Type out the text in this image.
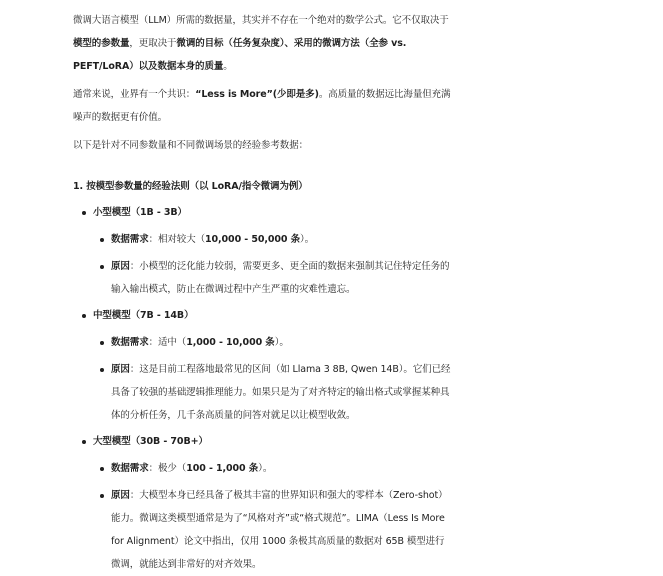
微调大语言模型（LLM）所需的数据量，其实并不存在一个绝对的数学公式。它不仅取决于模型的参数量，更取决于微调的目标（任务复杂度）、采用的微调方法（全参 vs. PEFT/LoRA）以及数据本身的质量。

通常来说，业界有一个共识：“Less is More”(少即是多)。高质量的数据远比海量但充满噪声的数据更有价值。

以下是针对不同参数量和不同微调场景的经验参考数据：

1. 按模型参数量的经验法则（以 LoRA/指令微调为例）
小型模型（1B - 3B）
数据需求：相对较大（10,000 - 50,000 条）。
原因：小模型的泛化能力较弱，需要更多、更全面的数据来强制其记住特定任务的输入输出模式，防止在微调过程中产生严重的灾难性遗忘。
中型模型（7B - 14B）
数据需求：适中（1,000 - 10,000 条）。
原因：这是目前工程落地最常见的区间（如 Llama 3 8B, Qwen 14B）。它们已经具备了较强的基础逻辑推理能力。如果只是为了对齐特定的输出格式或掌握某种具体的分析任务，几千条高质量的问答对就足以让模型收敛。
大型模型（30B - 70B+）
数据需求：极少（100 - 1,000 条）。
原因：大模型本身已经具备了极其丰富的世界知识和强大的零样本（Zero-shot）能力。微调这类模型通常是为了“风格对齐”或“格式规范”。LIMA（Less Is More for Alignment）论文中指出，仅用 1000 条极其高质量的数据对 65B 模型进行微调，就能达到非常好的对齐效果。
